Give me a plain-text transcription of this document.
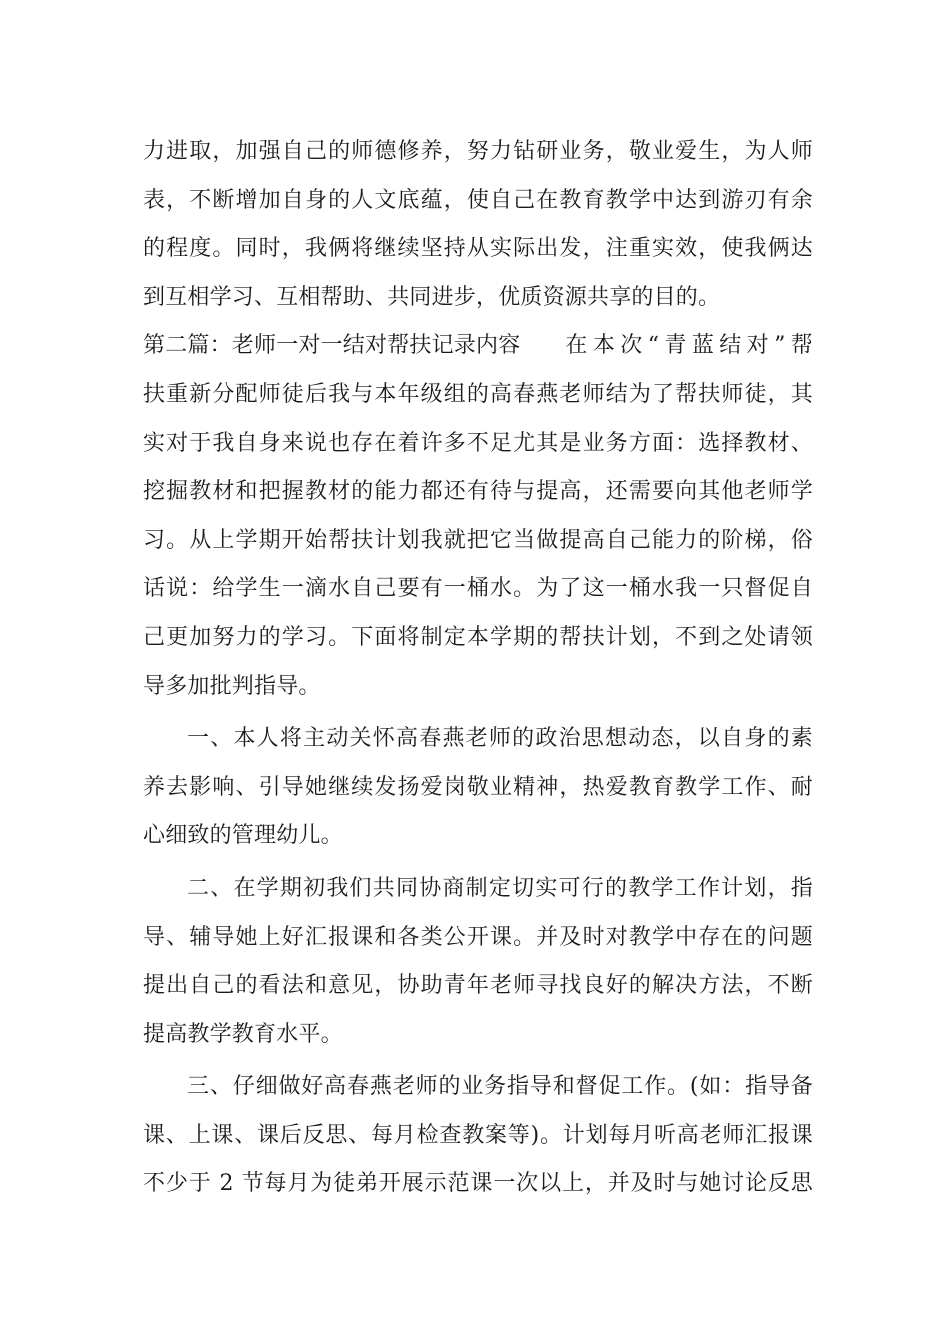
力进取，加强自己的师德修养，努力钻研业务，敬业爱生，为人师
表，不断增加自身的人文底蕴，使自己在教育教学中达到游刃有余
的程度。同时，我俩将继续坚持从实际出发，注重实效，使我俩达
到互相学习、互相帮助、共同进步，优质资源共享的目的。
第二篇：老师一对一结对帮扶记录内容 在本次“青蓝结对”帮
扶重新分配师徒后我与本年级组的高春燕老师结为了帮扶师徒，其
实对于我自身来说也存在着许多不足尤其是业务方面：选择教材、
挖掘教材和把握教材的能力都还有待与提高，还需要向其他老师学
习。从上学期开始帮扶计划我就把它当做提高自己能力的阶梯，俗
话说：给学生一滴水自己要有一桶水。为了这一桶水我一只督促自
己更加努力的学习。下面将制定本学期的帮扶计划，不到之处请领
导多加批判指导。
一、本人将主动关怀高春燕老师的政治思想动态，以自身的素
养去影响、引导她继续发扬爱岗敬业精神，热爱教育教学工作、耐
心细致的管理幼儿。
二、在学期初我们共同协商制定切实可行的教学工作计划，指
导、辅导她上好汇报课和各类公开课。并及时对教学中存在的问题
提出自己的看法和意见，协助青年老师寻找良好的解决方法，不断
提高教学教育水平。
三、仔细做好高春燕老师的业务指导和督促工作。(如：指导备
课、上课、课后反思、每月检查教案等)。计划每月听高老师汇报课
不少于 2 节每月为徒弟开展示范课一次以上，并及时与她讨论反思
